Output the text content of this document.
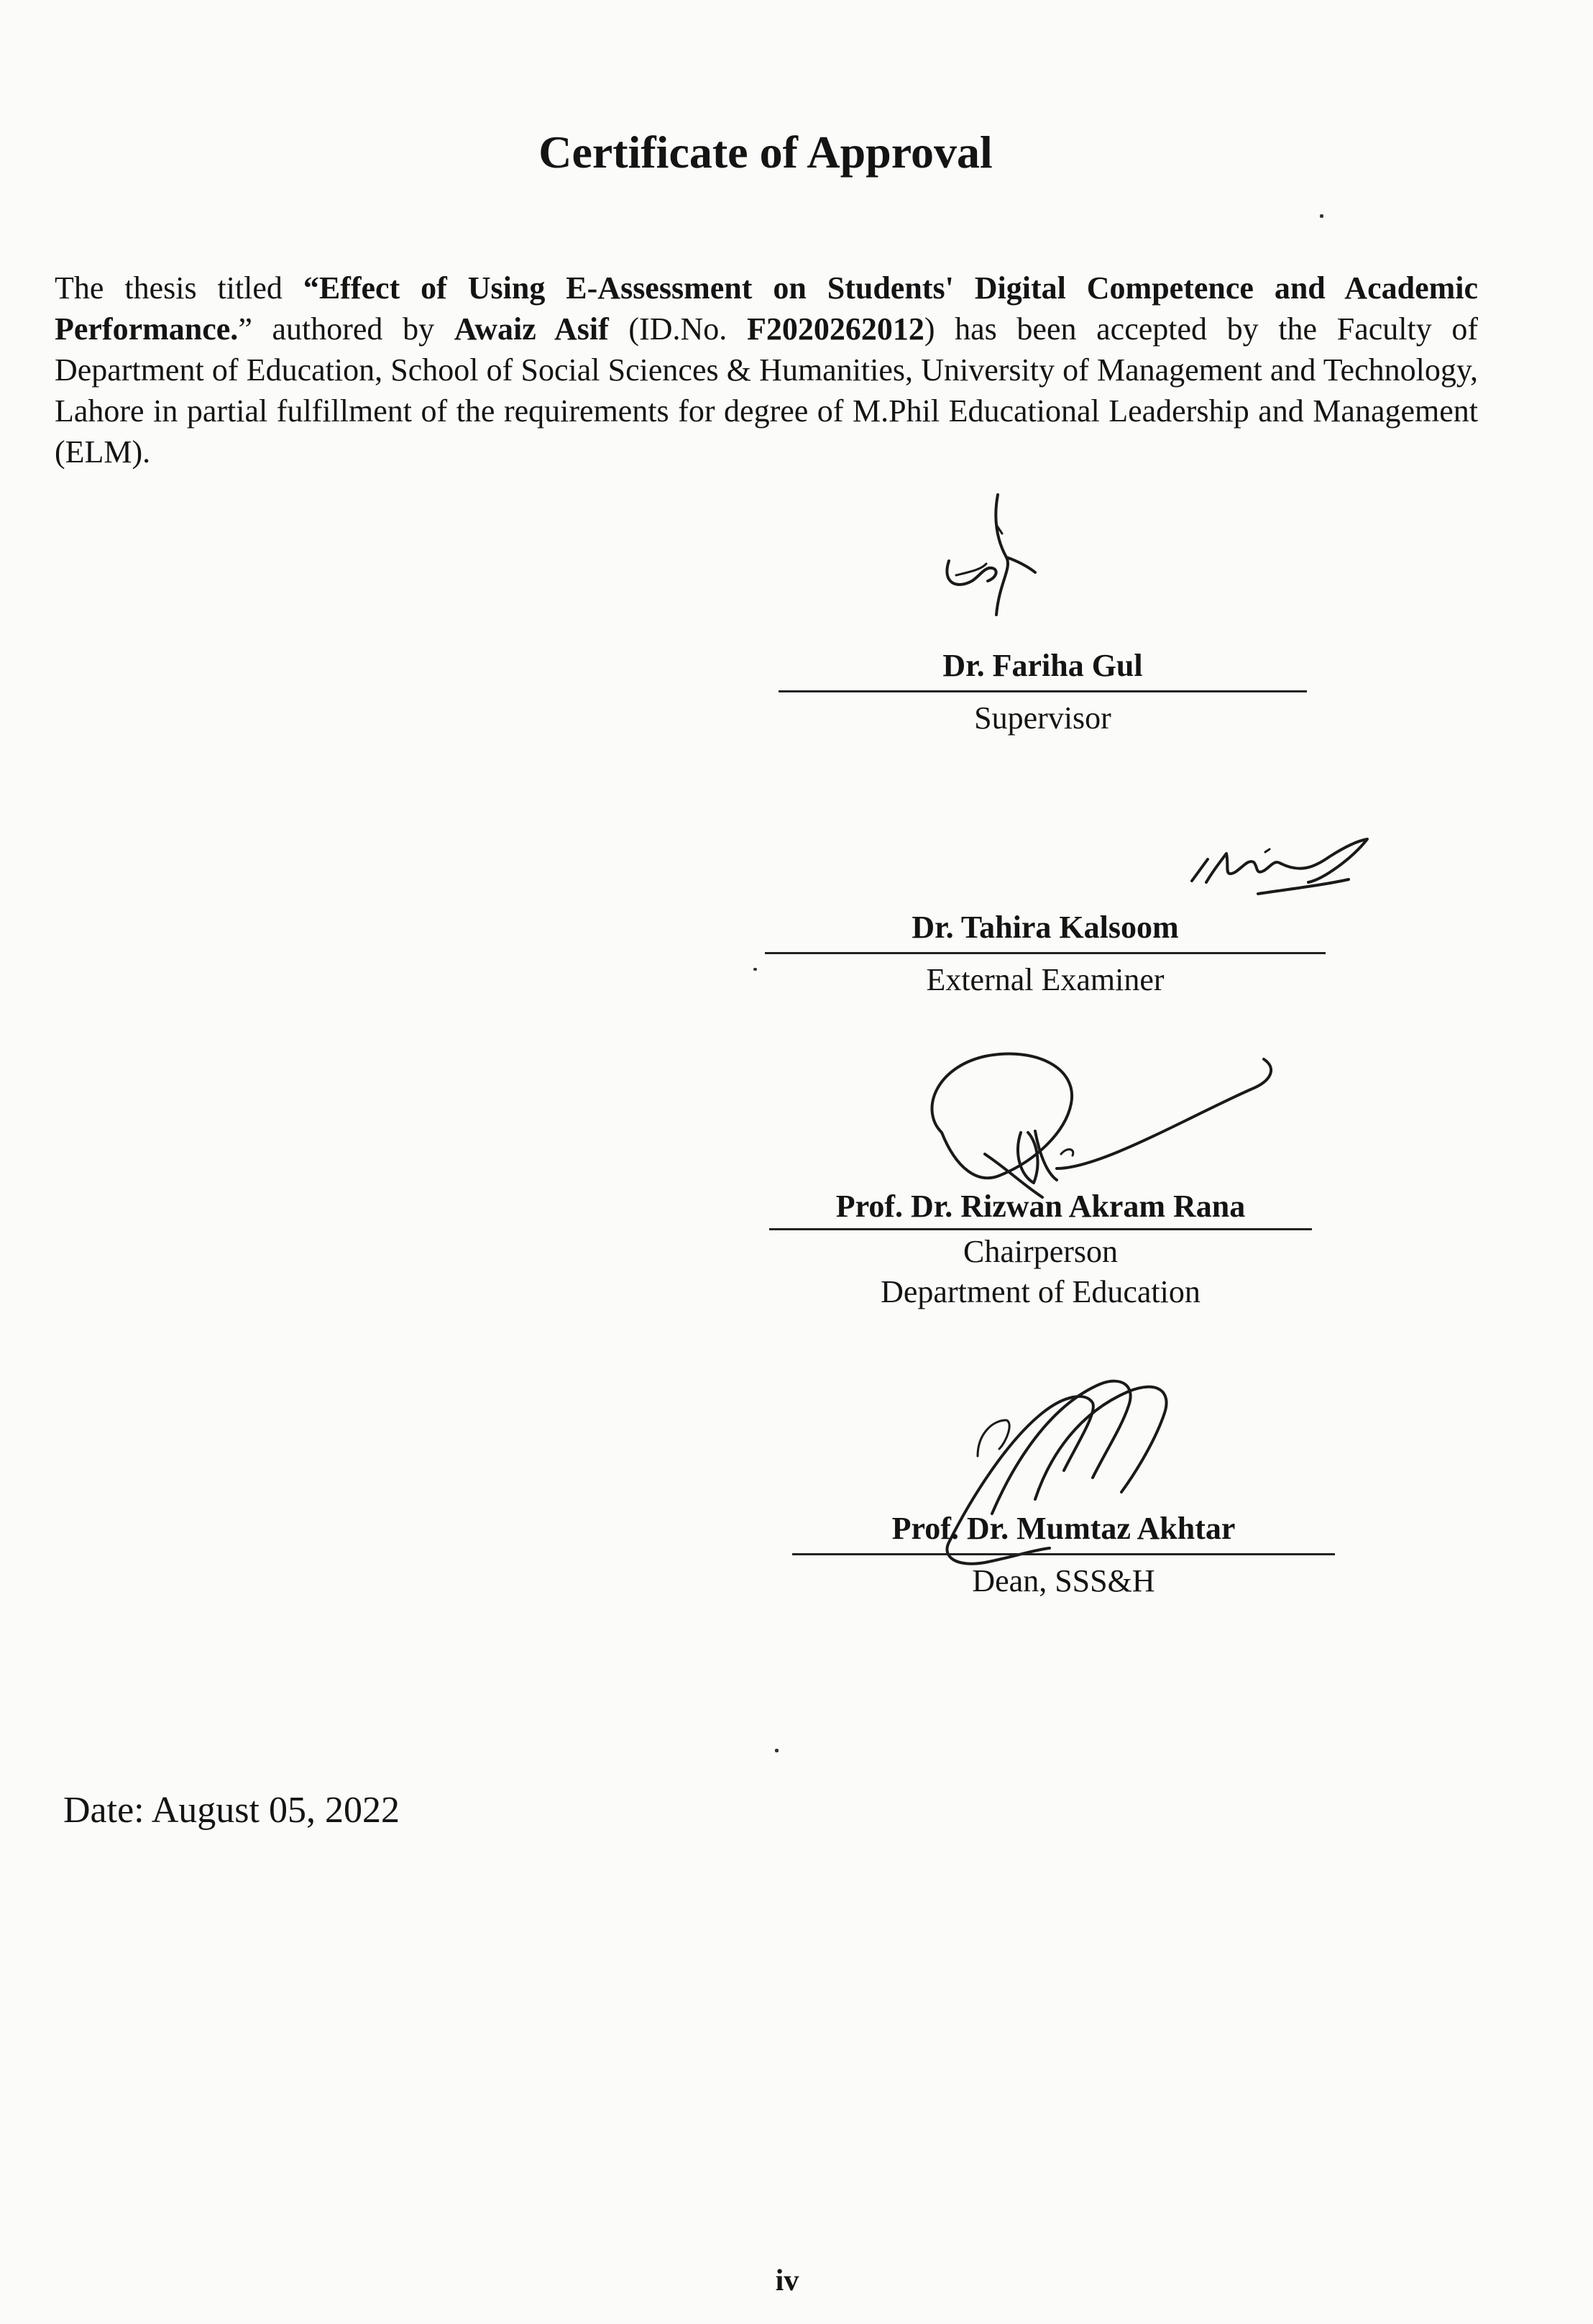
Certificate of Approval
The thesis titled “Effect of Using E-Assessment on Students' Digital Competence and Academic Performance.” authored by Awaiz Asif (ID.No. F2020262012) has been accepted by the Faculty of Department of Education, School of Social Sciences & Humanities, University of Management and Technology, Lahore in partial fulfillment of the requirements for degree of M.Phil Educational Leadership and Management (ELM).
Dr. Fariha Gul
Supervisor
Dr. Tahira Kalsoom
External Examiner
Prof. Dr. Rizwan Akram Rana
Chairperson
Department of Education
Prof. Dr. Mumtaz Akhtar
Dean, SSS&H
Date: August 05, 2022
iv
